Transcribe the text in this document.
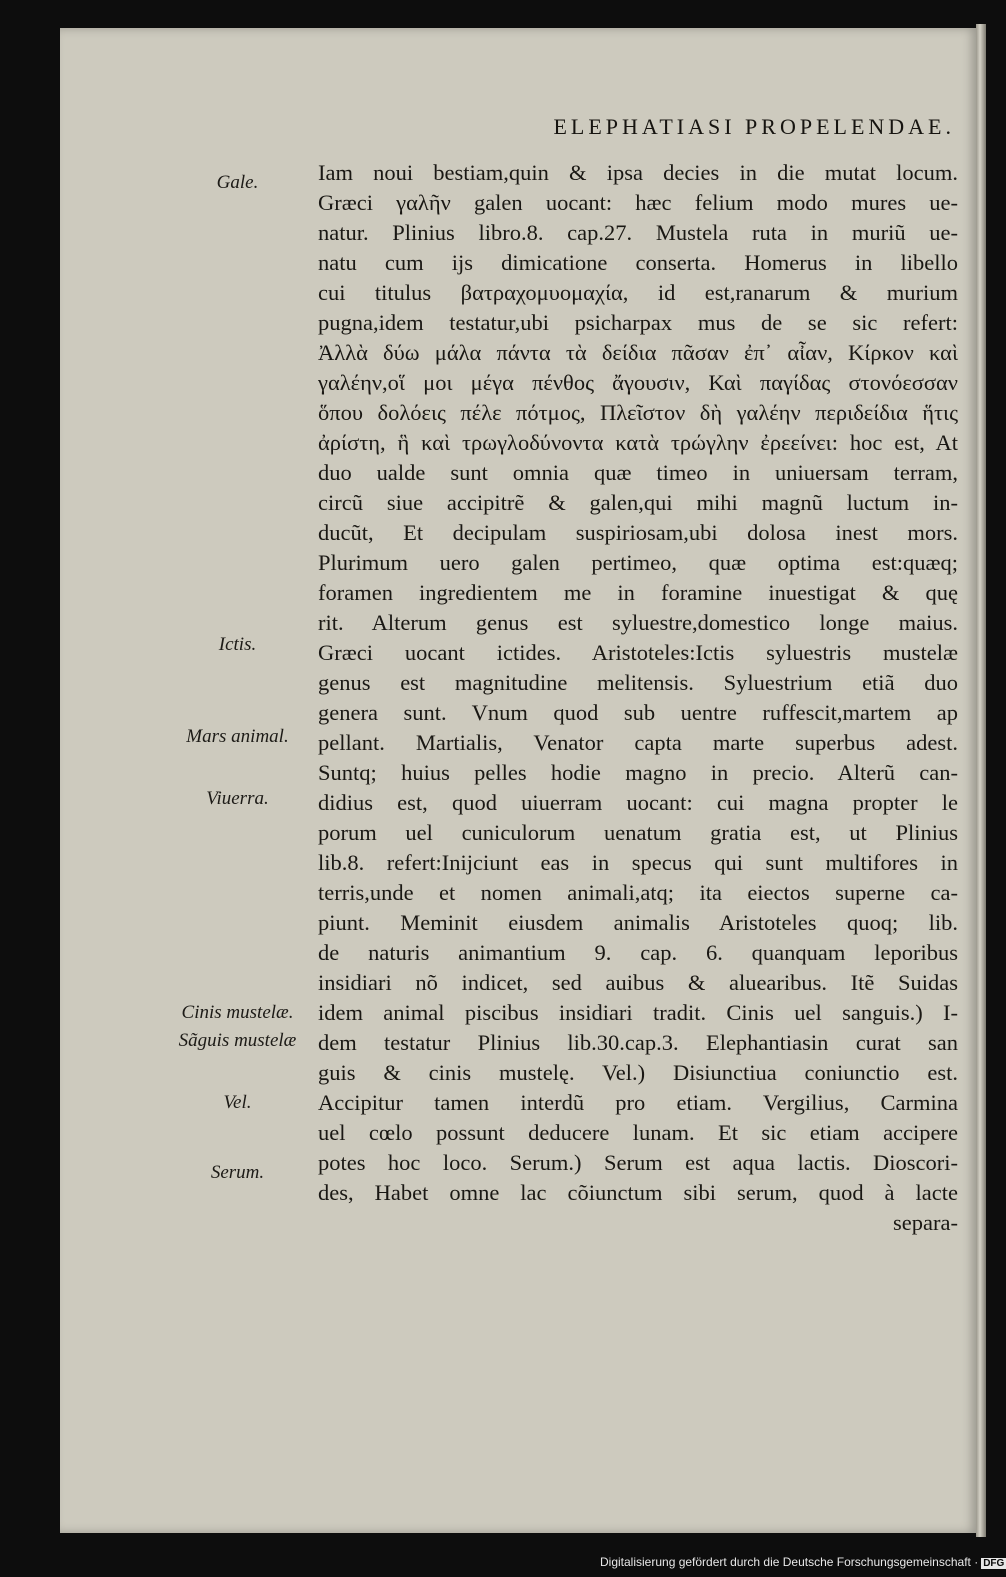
ELEPHATIASI PROPELENDAE.
Gale.
Ictis.
Mars animal.
Viuerra.
Cinis mustelæ.
Sãguis mustelæ
Vel.
Serum.
Iam noui bestiam,quin & ipsa decies in die mutat locum.
Græci γαλῆν galen uocant: hæc felium modo mures ue-
natur. Plinius libro.8. cap.27. Mustela ruta in muriũ ue-
natu cum ijs dimicatione conserta. Homerus in libello
cui titulus βατραχομυομαχία, id est,ranarum & murium
pugna,idem testatur,ubi psicharpax mus de se sic refert:
Ἀλλὰ δύω μάλα πάντα τὰ δείδια πᾶσαν ἐπ᾽ αἶαν, Κίρκον καὶ
γαλέην,οἵ μοι μέγα πένθος ἄγουσιν, Καὶ παγίδας στονόεσσαν
ὅπου δολόεις πέλε πότμος, Πλεῖστον δὴ γαλέην περιδείδια ἥτις
ἀρίστη, ἣ καὶ τρωγλοδύνοντα κατὰ τρώγλην ἐρεείνει: hoc est, At
duo ualde sunt omnia quæ timeo in uniuersam terram,
circũ siue accipitrẽ & galen,qui mihi magnũ luctum in-
ducũt, Et decipulam suspiriosam,ubi dolosa inest mors.
Plurimum uero galen pertimeo, quæ optima est:quæq;
foramen ingredientem me in foramine inuestigat & quę
rit. Alterum genus est syluestre,domestico longe maius.
Græci uocant ictides. Aristoteles:Ictis syluestris mustelæ
genus est magnitudine melitensis. Syluestrium etiã duo
genera sunt. Vnum quod sub uentre ruffescit,martem ap
pellant. Martialis, Venator capta marte superbus adest.
Suntq; huius pelles hodie magno in precio. Alterũ can-
didius est, quod uiuerram uocant: cui magna propter le
porum uel cuniculorum uenatum gratia est, ut Plinius
lib.8. refert:Inijciunt eas in specus qui sunt multifores in
terris,unde et nomen animali,atq; ita eiectos superne ca-
piunt. Meminit eiusdem animalis Aristoteles quoq; lib.
de naturis animantium 9. cap. 6. quanquam leporibus
insidiari nõ indicet, sed auibus & aluearibus. Itẽ Suidas
idem animal piscibus insidiari tradit. Cinis uel sanguis.) I-
dem testatur Plinius lib.30.cap.3. Elephantiasin curat san
guis & cinis mustelę. Vel.) Disiunctiua coniunctio est.
Accipitur tamen interdũ pro etiam. Vergilius, Carmina
uel cœlo possunt deducere lunam. Et sic etiam accipere
potes hoc loco. Serum.) Serum est aqua lactis. Dioscori-
des, Habet omne lac cõiunctum sibi serum, quod à lacte
separa-
Digitalisierung gefördert durch die Deutsche Forschungsgemeinschaft · DFG
